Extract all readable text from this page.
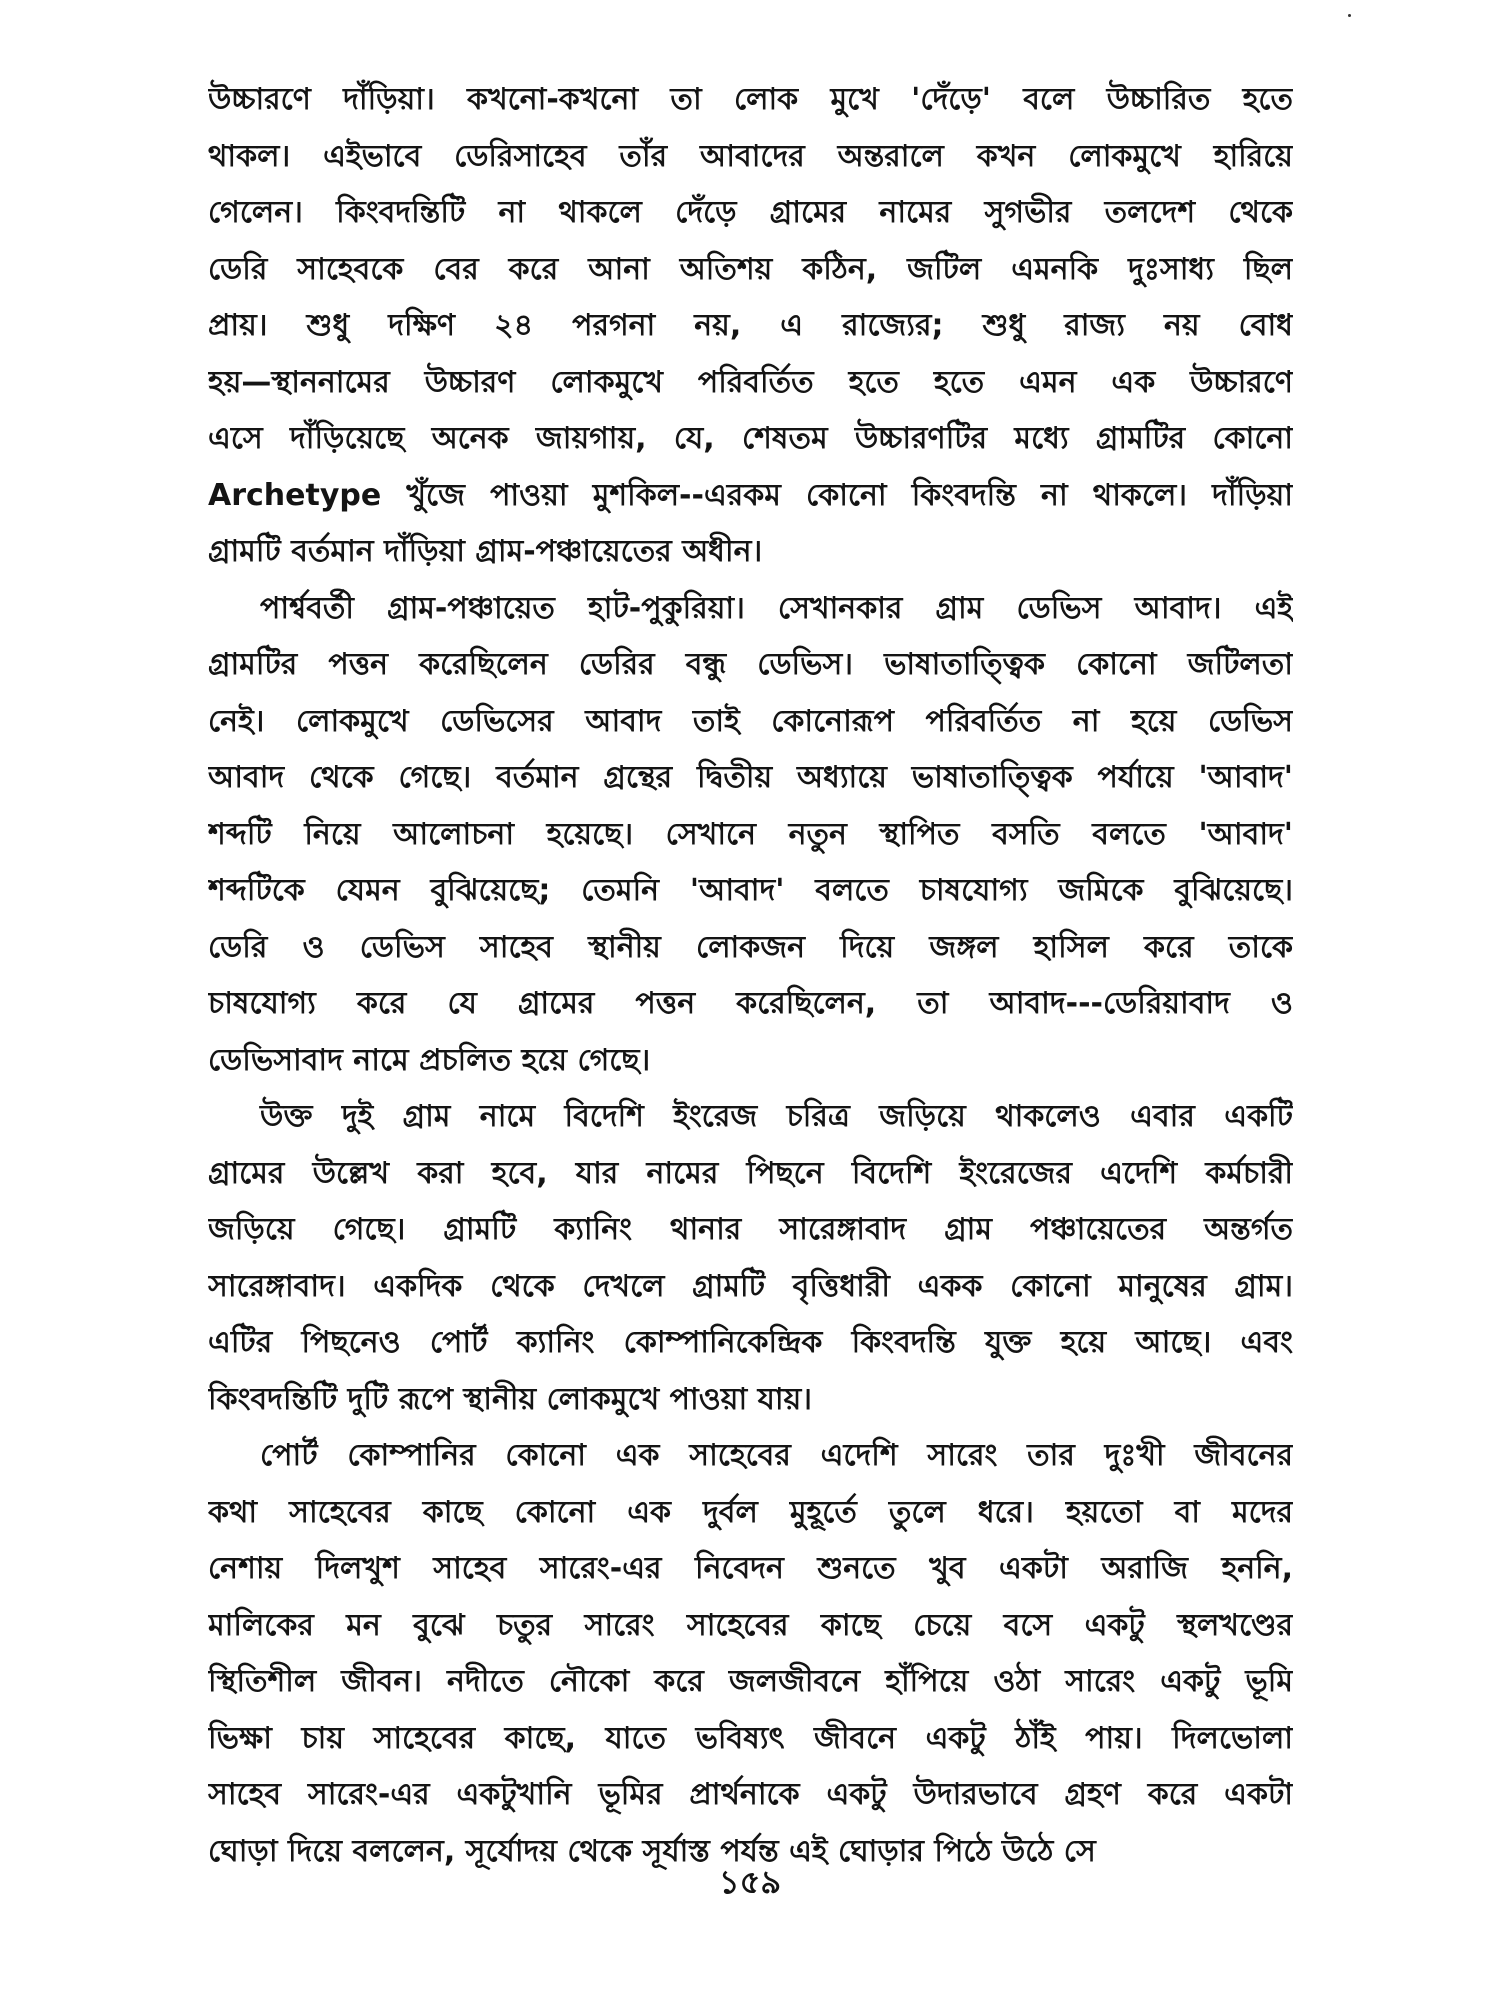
উচ্চারণে দাঁড়িয়া। কখনো-কখনো তা লোক মুখে 'দেঁড়ে' বলে উচ্চারিত হতে
থাকল। এইভাবে ডেরিসাহেব তাঁর আবাদের অন্তরালে কখন লোকমুখে হারিয়ে
গেলেন। কিংবদন্তিটি না থাকলে দেঁড়ে গ্রামের নামের সুগভীর তলদেশ থেকে
ডেরি সাহেবকে বের করে আনা অতিশয় কঠিন, জটিল এমনকি দুঃসাধ্য ছিল
প্রায়। শুধু দক্ষিণ ২৪ পরগনা নয়, এ রাজ্যের; শুধু রাজ্য নয় বোধ
হয়—স্থাননামের উচ্চারণ লোকমুখে পরিবর্তিত হতে হতে এমন এক উচ্চারণে
এসে দাঁড়িয়েছে অনেক জায়গায়, যে, শেষতম উচ্চারণটির মধ্যে গ্রামটির কোনো
Archetype খুঁজে পাওয়া মুশকিল--এরকম কোনো কিংবদন্তি না থাকলে। দাঁড়িয়া
গ্রামটি বর্তমান দাঁড়িয়া গ্রাম-পঞ্চায়েতের অধীন।
পার্শ্ববর্তী গ্রাম-পঞ্চায়েত হাট-পুকুরিয়া। সেখানকার গ্রাম ডেভিস আবাদ। এই
গ্রামটির পত্তন করেছিলেন ডেরির বন্ধু ডেভিস। ভাষাতাত্ত্বিক কোনো জটিলতা
নেই। লোকমুখে ডেভিসের আবাদ তাই কোনোরূপ পরিবর্তিত না হয়ে ডেভিস
আবাদ থেকে গেছে। বর্তমান গ্রন্থের দ্বিতীয় অধ্যায়ে ভাষাতাত্ত্বিক পর্যায়ে 'আবাদ'
শব্দটি নিয়ে আলোচনা হয়েছে। সেখানে নতুন স্থাপিত বসতি বলতে 'আবাদ'
শব্দটিকে যেমন বুঝিয়েছে; তেমনি 'আবাদ' বলতে চাষযোগ্য জমিকে বুঝিয়েছে।
ডেরি ও ডেভিস সাহেব স্থানীয় লোকজন দিয়ে জঙ্গল হাসিল করে তাকে
চাষযোগ্য করে যে গ্রামের পত্তন করেছিলেন, তা আবাদ---ডেরিয়াবাদ ও
ডেভিসাবাদ নামে প্রচলিত হয়ে গেছে।
উক্ত দুই গ্রাম নামে বিদেশি ইংরেজ চরিত্র জড়িয়ে থাকলেও এবার একটি
গ্রামের উল্লেখ করা হবে, যার নামের পিছনে বিদেশি ইংরেজের এদেশি কর্মচারী
জড়িয়ে গেছে। গ্রামটি ক্যানিং থানার সারেঙ্গাবাদ গ্রাম পঞ্চায়েতের অন্তর্গত
সারেঙ্গাবাদ। একদিক থেকে দেখলে গ্রামটি বৃত্তিধারী একক কোনো মানুষের গ্রাম।
এটির পিছনেও পোর্ট ক্যানিং কোম্পানিকেন্দ্রিক কিংবদন্তি যুক্ত হয়ে আছে। এবং
কিংবদন্তিটি দুটি রূপে স্থানীয় লোকমুখে পাওয়া যায়।
পোর্ট কোম্পানির কোনো এক সাহেবের এদেশি সারেং তার দুঃখী জীবনের
কথা সাহেবের কাছে কোনো এক দুর্বল মুহূর্তে তুলে ধরে। হয়তো বা মদের
নেশায় দিলখুশ সাহেব সারেং-এর নিবেদন শুনতে খুব একটা অরাজি হননি,
মালিকের মন বুঝে চতুর সারেং সাহেবের কাছে চেয়ে বসে একটু স্থলখণ্ডের
স্থিতিশীল জীবন। নদীতে নৌকো করে জলজীবনে হাঁপিয়ে ওঠা সারেং একটু ভূমি
ভিক্ষা চায় সাহেবের কাছে, যাতে ভবিষ্যৎ জীবনে একটু ঠাঁই পায়। দিলভোলা
সাহেব সারেং-এর একটুখানি ভূমির প্রার্থনাকে একটু উদারভাবে গ্রহণ করে একটা
ঘোড়া দিয়ে বললেন, সূর্যোদয় থেকে সূর্যাস্ত পর্যন্ত এই ঘোড়ার পিঠে উঠে সে
১৫৯
